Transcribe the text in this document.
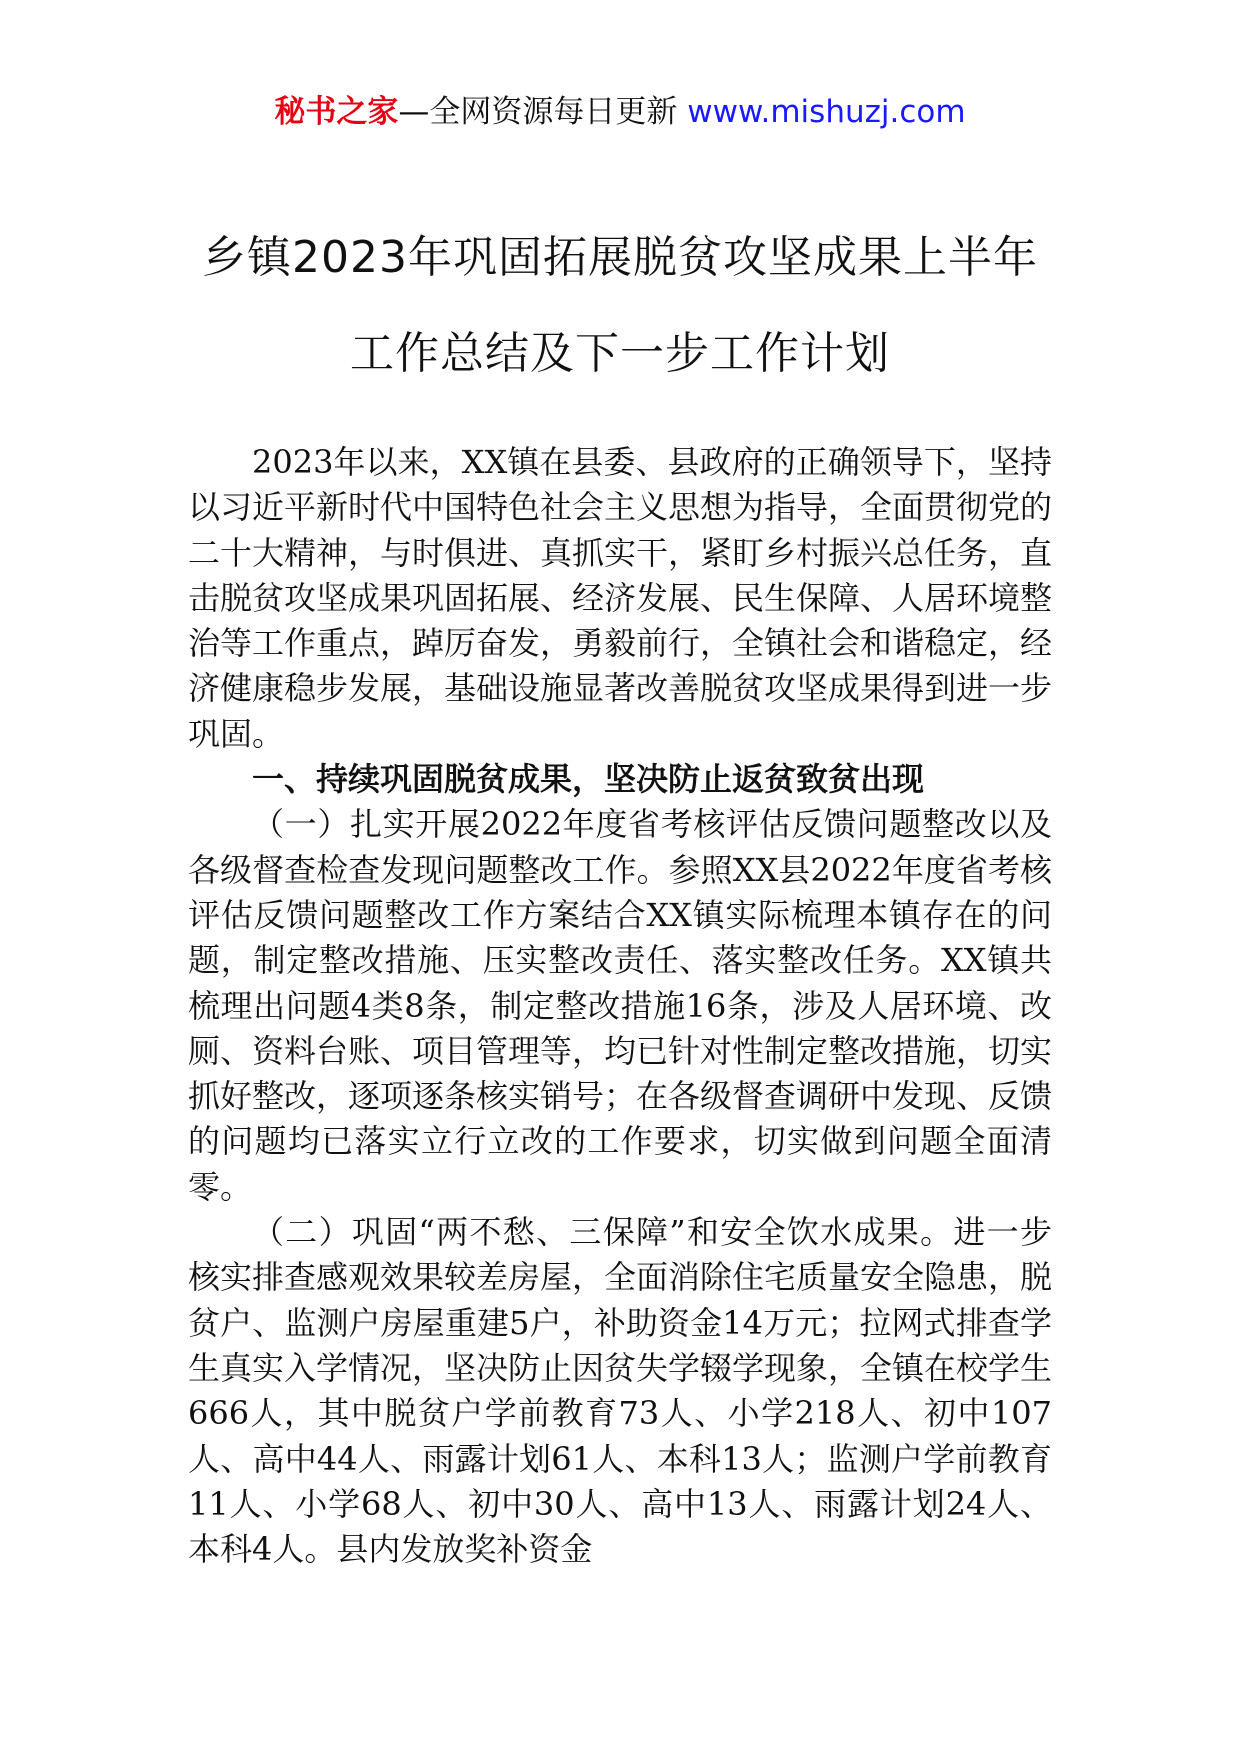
秘书之家—全网资源每日更新 www.mishuzj.com
乡镇2023年巩固拓展脱贫攻坚成果上半年
工作总结及下一步工作计划

2023年以来，XX镇在县委、县政府的正确领导下，坚持以习近平新时代中国特色社会主义思想为指导，全面贯彻党的二十大精神，与时俱进、真抓实干，紧盯乡村振兴总任务，直击脱贫攻坚成果巩固拓展、经济发展、民生保障、人居环境整治等工作重点，踔厉奋发，勇毅前行，全镇社会和谐稳定，经济健康稳步发展，基础设施显著改善脱贫攻坚成果得到进一步巩固。

一、持续巩固脱贫成果，坚决防止返贫致贫出现

（一）扎实开展2022年度省考核评估反馈问题整改以及各级督查检查发现问题整改工作。参照XX县2022年度省考核评估反馈问题整改工作方案结合XX镇实际梳理本镇存在的问题，制定整改措施、压实整改责任、落实整改任务。XX镇共梳理出问题4类8条，制定整改措施16条，涉及人居环境、改厕、资料台账、项目管理等，均已针对性制定整改措施，切实抓好整改，逐项逐条核实销号；在各级督查调研中发现、反馈的问题均已落实立行立改的工作要求，切实做到问题全面清零。

（二）巩固“两不愁、三保障”和安全饮水成果。进一步核实排查感观效果较差房屋，全面消除住宅质量安全隐患，脱贫户、监测户房屋重建5户，补助资金14万元；拉网式排查学生真实入学情况，坚决防止因贫失学辍学现象，全镇在校学生666人，其中脱贫户学前教育73人、小学218人、初中107人、高中44人、雨露计划61人、本科13人；监测户学前教育11人、小学68人、初中30人、高中13人、雨露计划24人、本科4人。县内发放奖补资金
